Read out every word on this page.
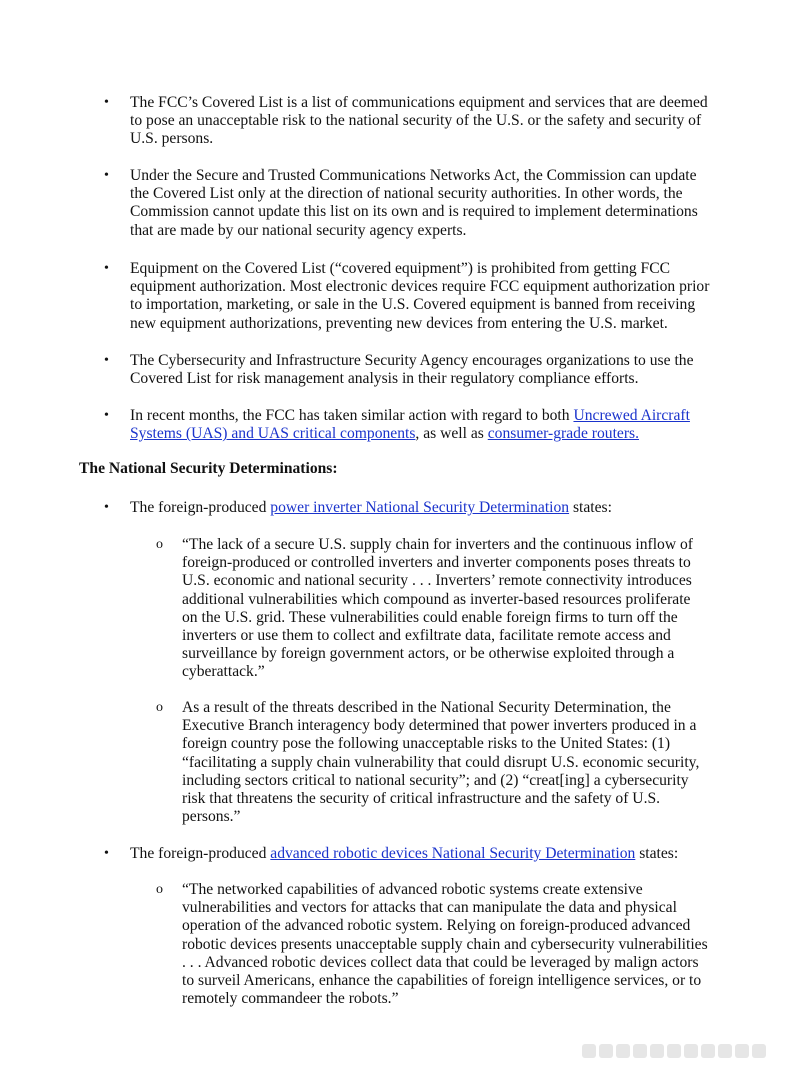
• The FCC’s Covered List is a list of communications equipment and services that are deemed
to pose an unacceptable risk to the national security of the U.S. or the safety and security of
U.S. persons.

• Under the Secure and Trusted Communications Networks Act, the Commission can update
the Covered List only at the direction of national security authorities. In other words, the
Commission cannot update this list on its own and is required to implement determinations
that are made by our national security agency experts.

• Equipment on the Covered List (“covered equipment”) is prohibited from getting FCC
equipment authorization. Most electronic devices require FCC equipment authorization prior
to importation, marketing, or sale in the U.S. Covered equipment is banned from receiving
new equipment authorizations, preventing new devices from entering the U.S. market.

• The Cybersecurity and Infrastructure Security Agency encourages organizations to use the
Covered List for risk management analysis in their regulatory compliance efforts.

• In recent months, the FCC has taken similar action with regard to both Uncrewed Aircraft
Systems (UAS) and UAS critical components, as well as consumer-grade routers.

The National Security Determinations:
• The foreign-produced power inverter National Security Determination states:

o “The lack of a secure U.S. supply chain for inverters and the continuous inflow of
foreign-produced or controlled inverters and inverter components poses threats to
U.S. economic and national security . . . Inverters’ remote connectivity introduces
additional vulnerabilities which compound as inverter-based resources proliferate
on the U.S. grid. These vulnerabilities could enable foreign firms to turn off the
inverters or use them to collect and exfiltrate data, facilitate remote access and
surveillance by foreign government actors, or be otherwise exploited through a
cyberattack.”

o As a result of the threats described in the National Security Determination, the
Executive Branch interagency body determined that power inverters produced in a
foreign country pose the following unacceptable risks to the United States: (1)
“facilitating a supply chain vulnerability that could disrupt U.S. economic security,
including sectors critical to national security”; and (2) “creat[ing] a cybersecurity
risk that threatens the security of critical infrastructure and the safety of U.S.
persons.”

• The foreign-produced advanced robotic devices National Security Determination states:

o “The networked capabilities of advanced robotic systems create extensive
vulnerabilities and vectors for attacks that can manipulate the data and physical
operation of the advanced robotic system. Relying on foreign-produced advanced
robotic devices presents unacceptable supply chain and cybersecurity vulnerabilities
. . . Advanced robotic devices collect data that could be leveraged by malign actors
to surveil Americans, enhance the capabilities of foreign intelligence services, or to
remotely commandeer the robots.”
